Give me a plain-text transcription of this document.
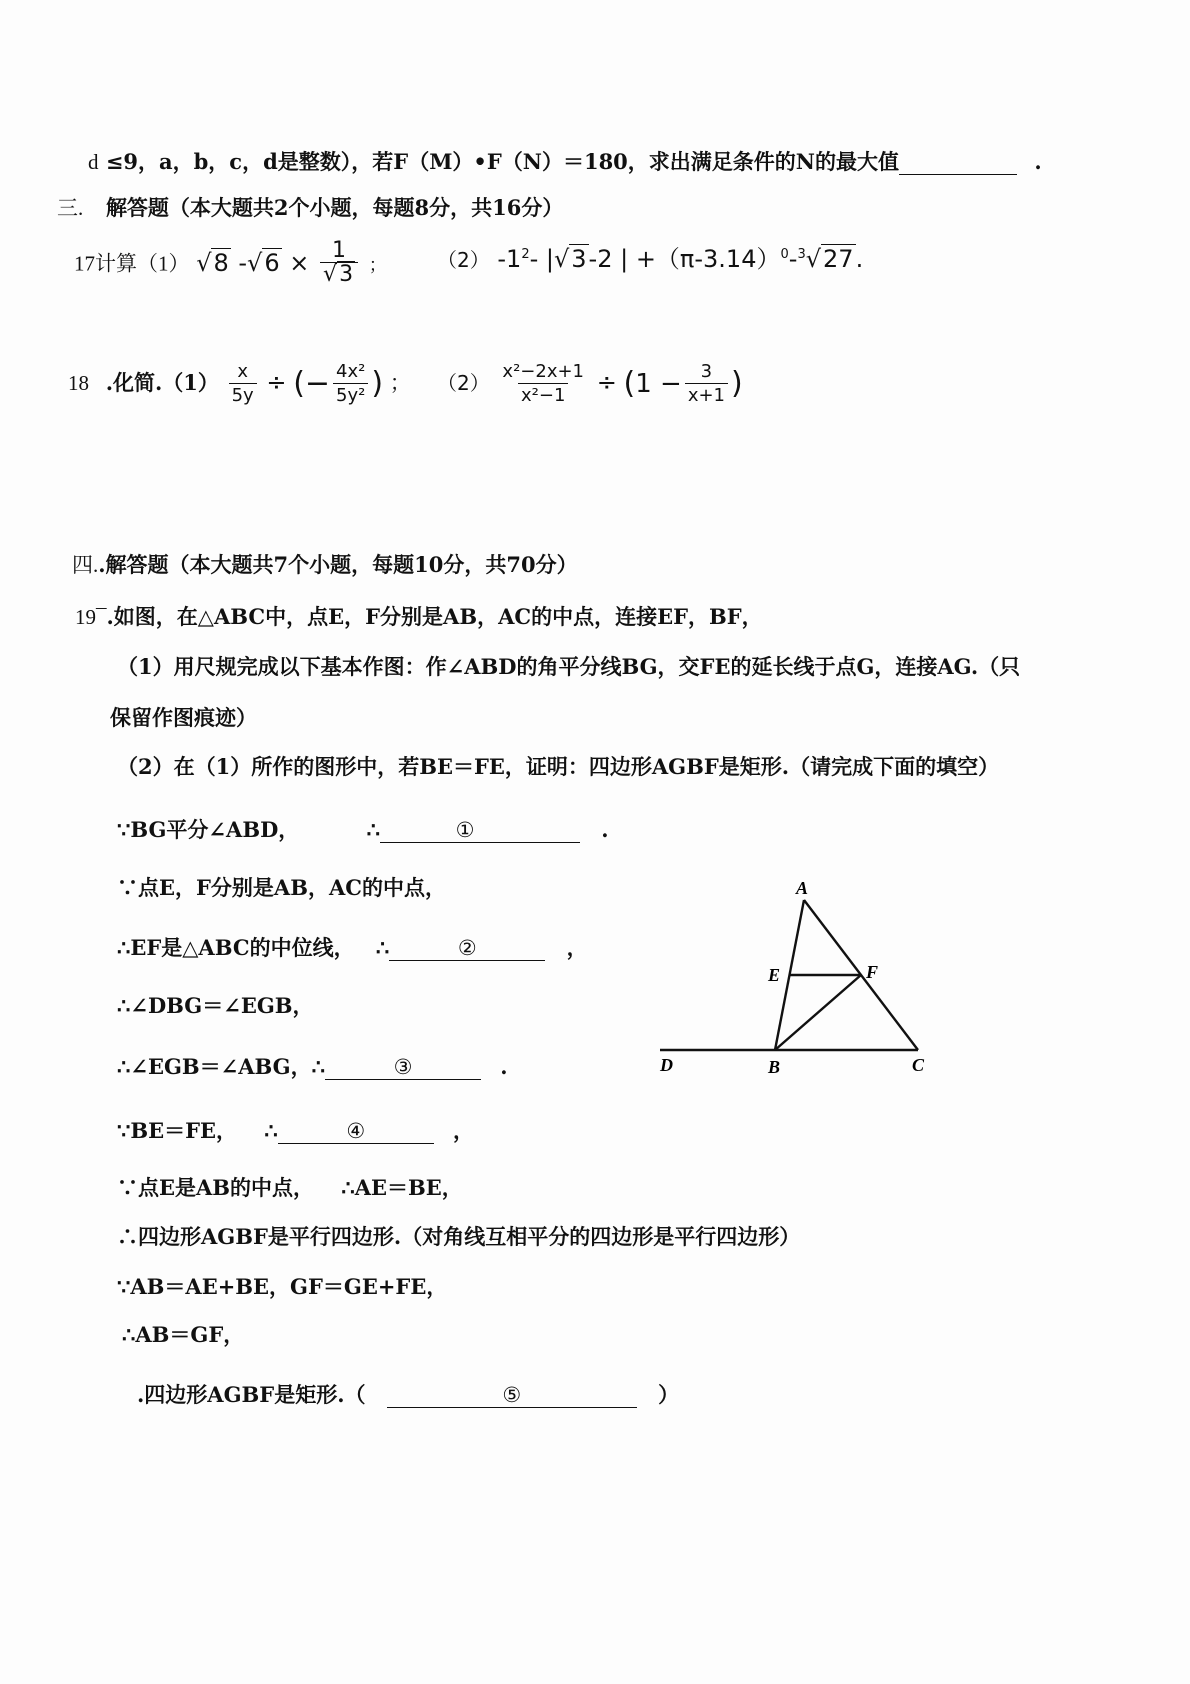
d ≤9，a，b，c，d是整数），若F（M）•F（N）＝180，求出满足条件的N的最大值	.
三. 解答题（本大题共2个小题，每题8分，共16分）
17计算（1） √8 $-√6 \times \frac{1}{√3}$ ；	（2） $-1^2-$ |√3-2 | $+(\pi-3.14)^0-^3√27$.
18 .化简$.(1) \frac{x}{5y}$ ÷ (− $\frac{\text{4x²}}{\text{5y²}}$ ) ； $(2) \frac{\text{x²−2x+1}}{\text{x²−1}} \div (1 - \frac{3}{x+1}$ )
四..解答题（本大题共7个小题，每题10分，共70分）
19¯.如图，在△ABC中，点E，F分别是AB，AC的中点，连接EF，BF，
（1）用尺规完成以下基本作图：作∠ABD的角平分线BG，交FE的延长线于点G，连接AG.（只
保留作图痕迹）
（2）在（1）所作的图形中，若BE＝FE，证明：四边形AGBF是矩形.（请完成下面的填空）
∵BG平分∠ABD，	∴	①	.
∵点E，F分别是AB，AC的中点，
∴EF是△ABC的中位线， ∴	②	，
∴∠DBG＝∠EGB，
∴∠EGB＝∠ABG，∴	③	.
∵BE＝FE， ∴	④	，
∵点E是AB的中点， ∴AE＝BE，
∴四边形AGBF是平行四边形.（对角线互相平分的四边形是平行四边形）
∵AB＝AE+BE，GF＝GE+FE，
∴AB＝GF，
.四边形AGBF是矩形.（	⑤	）
A
E	F
D	B	C
